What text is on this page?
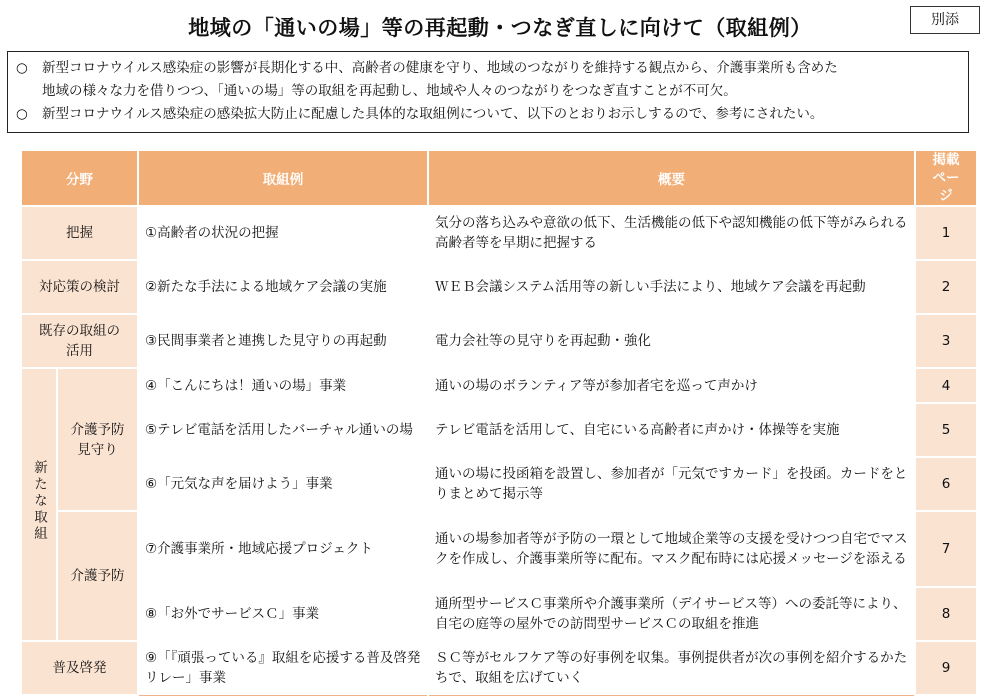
地域の「通いの場」等の再起動・つなぎ直しに向けて（取組例）	別添
○ 新型コロナウイルス感染症の影響が長期化する中、高齢者の健康を守り、地域のつながりを維持する観点から、介護事業所も含めた
地域の様々な力を借りつつ、「通いの場」等の取組を再起動し、地域や人々のつながりをつなぎ直すことが不可欠。
○ 新型コロナウイルス感染症の感染拡大防止に配慮した具体的な取組例について、以下のとおりお示しするので、参考にされたい。
分野		取組例	概要	掲載ページ
把握		①高齢者の状況の把握	気分の落ち込みや意欲の低下、生活機能の低下や認知機能の低下等がみられる高齢者等を早期に把握する	1
対応策の検討		②新たな手法による地域ケア会議の実施	ＷＥＢ会議システム活用等の新しい手法により、地域ケア会議を再起動	2
既存の取組の活用		③民間事業者と連携した見守りの再起動	電力会社等の見守りを再起動・強化	3
新たな取組	介護予防見守り	④「こんにちは！通いの場」事業	通いの場のボランティア等が参加者宅を巡って声かけ	4
		⑤テレビ電話を活用したバーチャル通いの場	テレビ電話を活用して、自宅にいる高齢者に声かけ・体操等を実施	5
		⑥「元気な声を届けよう」事業	通いの場に投函箱を設置し、参加者が「元気ですカード」を投函。カードをとりまとめて掲示等	6
	介護予防	⑦介護事業所・地域応援プロジェクト	通いの場参加者等が予防の一環として地域企業等の支援を受けつつ自宅でマスクを作成し、介護事業所等に配布。マスク配布時には応援メッセージを添える	7
		⑧「お外でサービスＣ」事業	通所型サービスＣ事業所や介護事業所（デイサービス等）への委託等により、自宅の庭等の屋外での訪問型サービスＣの取組を推進	8
普及啓発		⑨「『頑張っている』取組を応援する普及啓発リレー」事業	ＳＣ等がセルフケア等の好事例を収集。事例提供者が次の事例を紹介するかたちで、取組を広げていく	9
